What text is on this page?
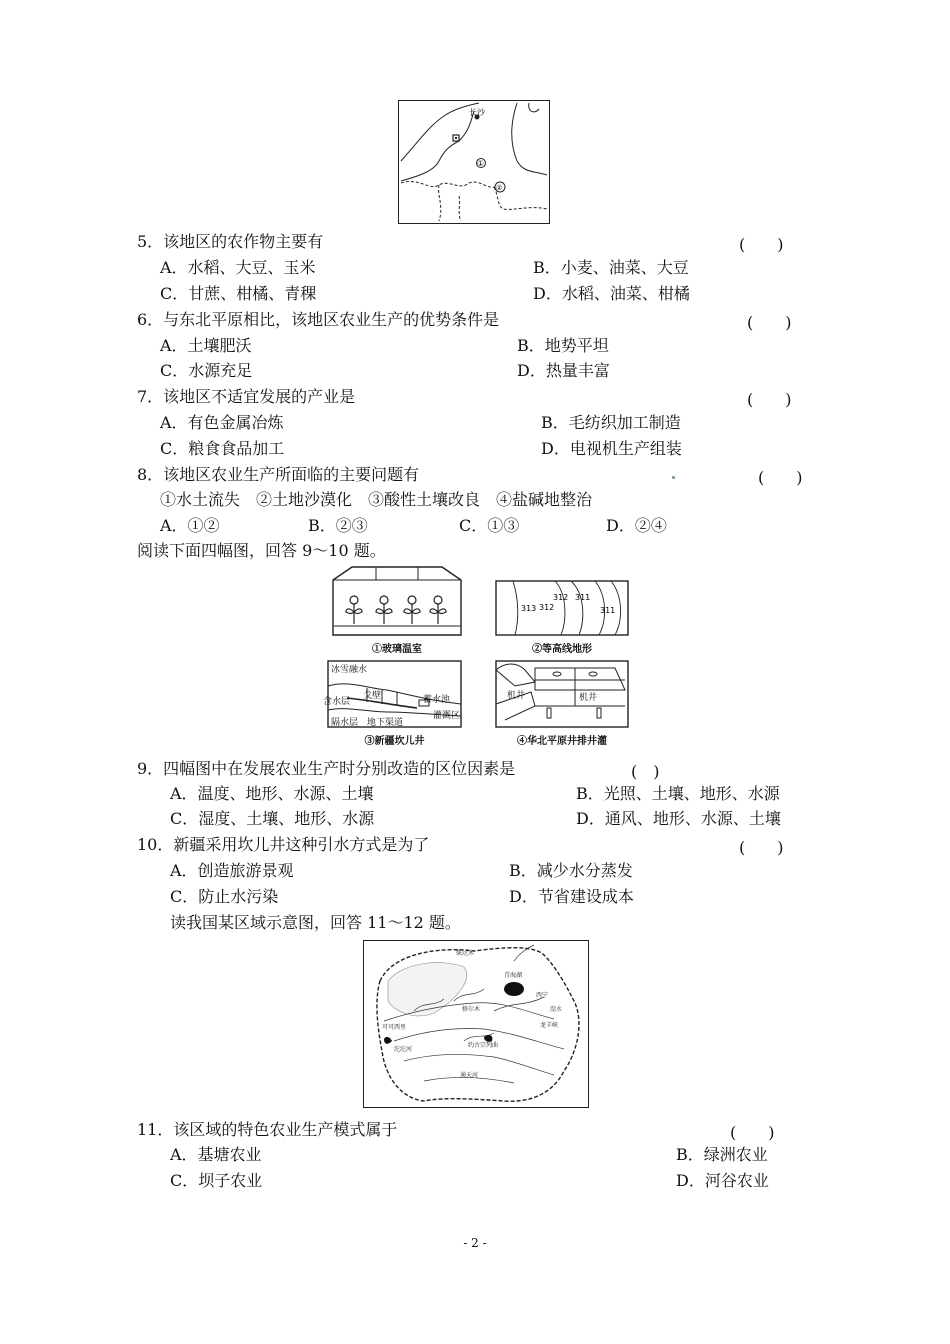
长沙
①
②
5．该地区的农作物主要有	(　　)
A．水稻、大豆、玉米	B．小麦、油菜、大豆
C．甘蔗、柑橘、青稞	D．水稻、油菜、柑橘
6．与东北平原相比，该地区农业生产的优势条件是	(　　)
A．土壤肥沃	B．地势平坦
C．水源充足	D．热量丰富
7．该地区不适宜发展的产业是	(　　)
A．有色金属冶炼	B．毛纺织加工制造
C．粮食食品加工	D．电视机生产组装
8．该地区农业生产所面临的主要问题有	(　　)
①水土流失　②土地沙漠化　③酸性土壤改良　④盐碱地整治
A．①②	B．②③	C．①③	D．②④
阅读下面四幅图，回答 9～10 题。
①玻璃温室
313 312
312 311
311
②等高线地形
冰雪融水
含水层
戈壁	蓄水池
灌溉区
隔水层 地下渠道
③新疆坎儿井
机井	机井
④华北平原井排井灌
9．四幅图中在发展农业生产时分别改造的区位因素是	(　)
A．温度、地形、水源、土壤	B．光照、土壤、地形、水源
C．湿度、土壤、地形、水源	D．通风、地形、水源、土壤
10．新疆采用坎儿井这种引水方式是为了	(　　)
A．创造旅游景观	B．减少水分蒸发
C．防止水污染	D．节省建设成本
读我国某区域示意图，回答 11～12 题。
柴达木
青海湖
西宁
格尔木
约古宗列曲
通天河
沱沱河
湟水
龙羊峡
可可西里
11．该区域的特色农业生产模式属于	(　　)
A．基塘农业	B．绿洲农业
C．坝子农业	D．河谷农业
- 2 -
